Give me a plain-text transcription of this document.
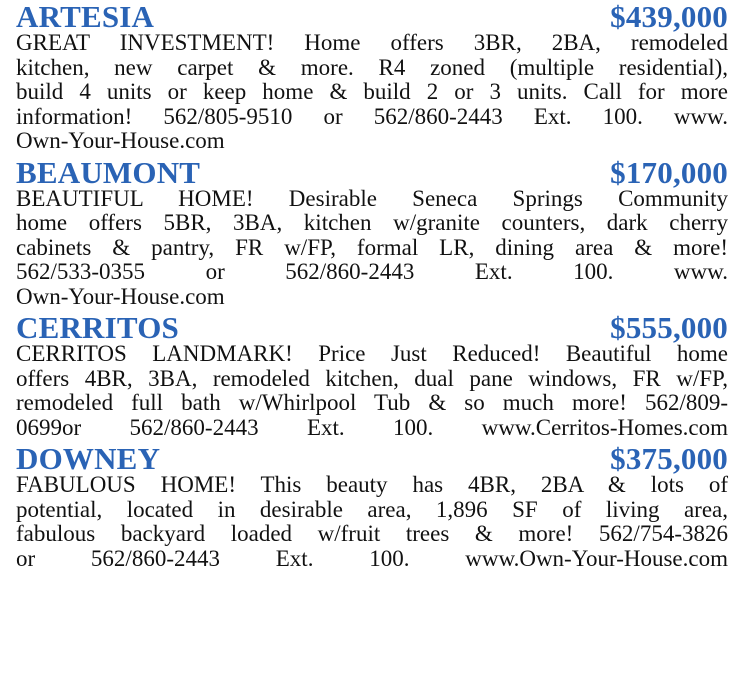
ARTESIA	$439,000
GREAT INVESTMENT! Home offers 3BR, 2BA, remodeled
kitchen, new carpet & more. R4 zoned (multiple residential),
build 4 units or keep home & build 2 or 3 units. Call for more
information! 562/805-9510 or 562/860-2443 Ext. 100. www.
Own-Your-House.com
BEAUMONT	$170,000
BEAUTIFUL HOME! Desirable Seneca Springs Community
home offers 5BR, 3BA, kitchen w/granite counters, dark cherry
cabinets & pantry, FR w/FP, formal LR, dining area & more!
562/533-0355 or 562/860-2443 Ext. 100. www.
Own-Your-House.com
CERRITOS	$555,000
CERRITOS LANDMARK! Price Just Reduced! Beautiful home
offers 4BR, 3BA, remodeled kitchen, dual pane windows, FR w/FP,
remodeled full bath w/Whirlpool Tub & so much more! 562/809-
0699or 562/860-2443 Ext. 100. www.Cerritos-Homes.com
DOWNEY	$375,000
FABULOUS HOME! This beauty has 4BR, 2BA & lots of
potential, located in desirable area, 1,896 SF of living area,
fabulous backyard loaded w/fruit trees & more! 562/754-3826
or 562/860-2443 Ext. 100. www.Own-Your-House.com
